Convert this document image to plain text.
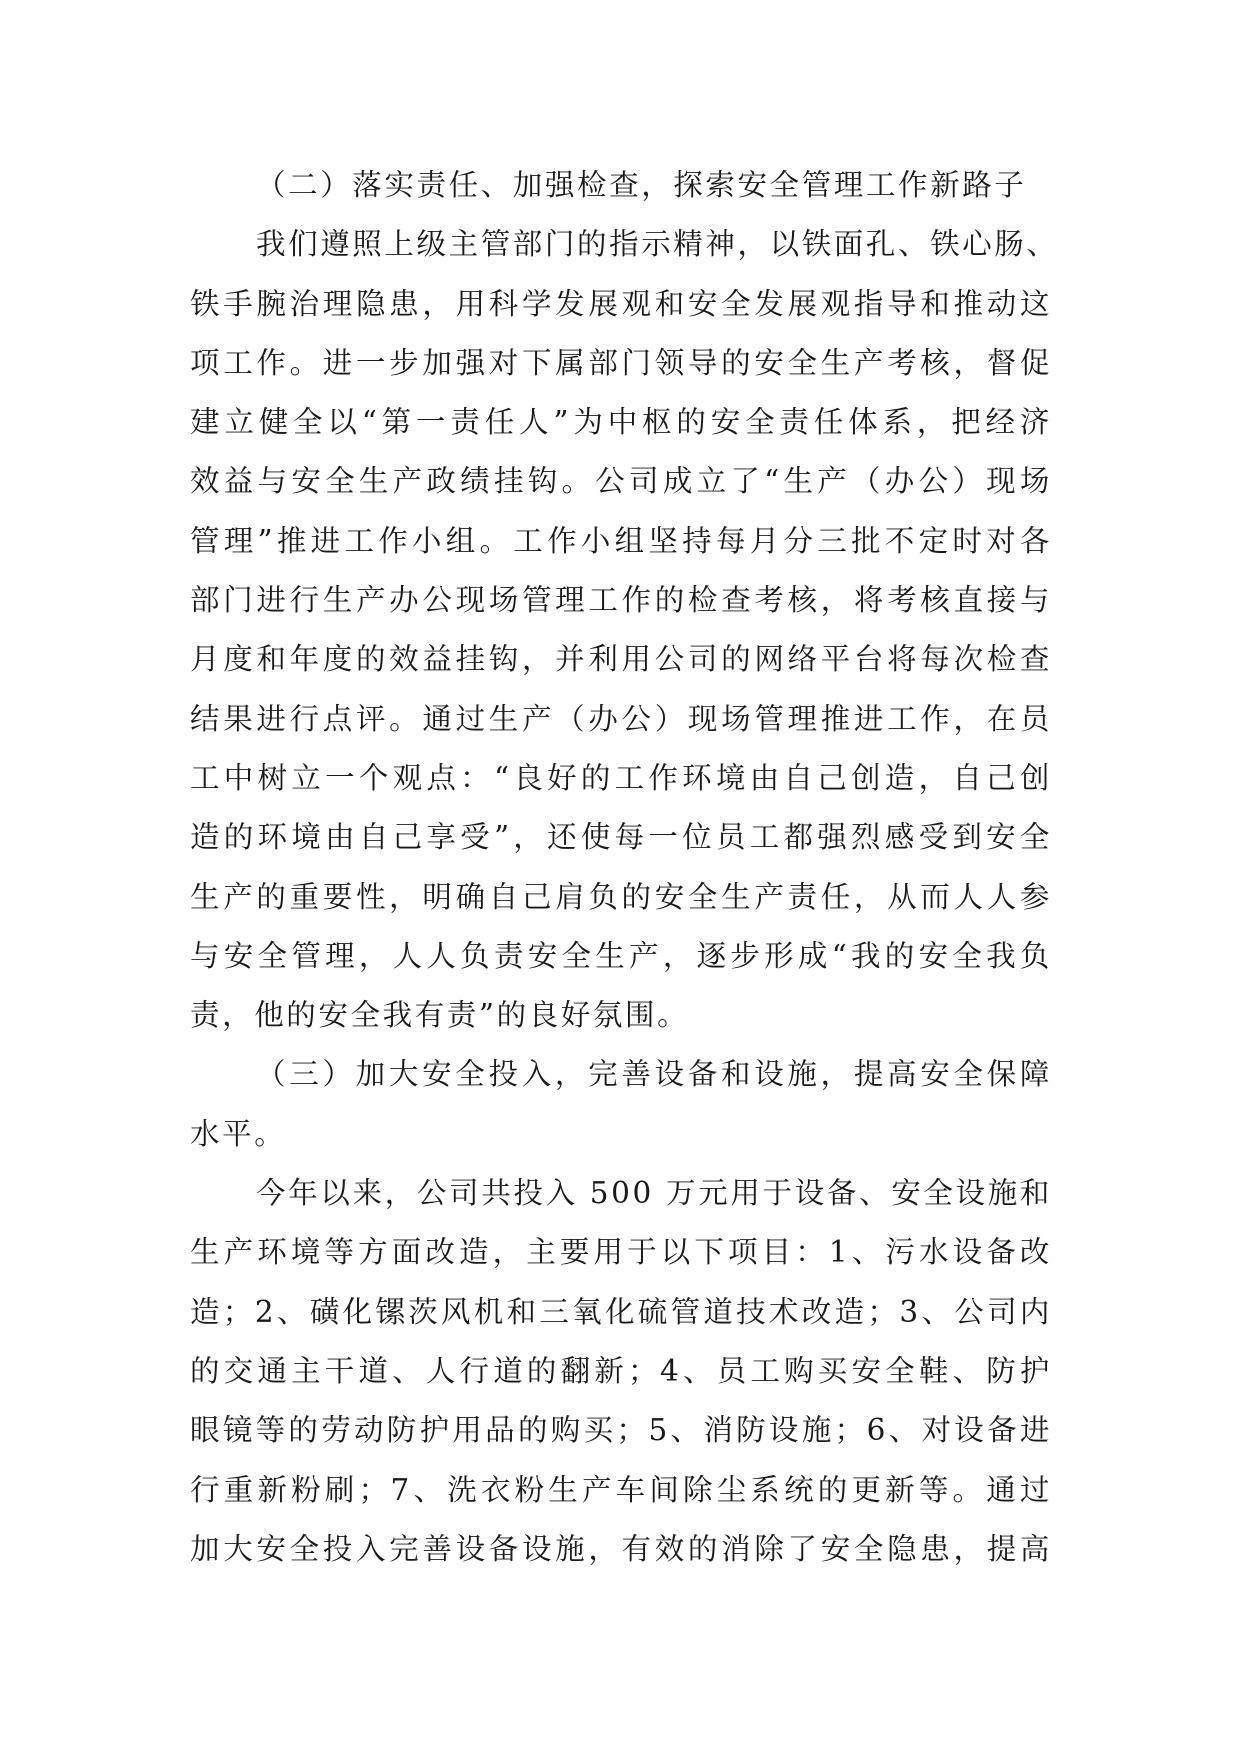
（二）落实责任、加强检查，探索安全管理工作新路子
我们遵照上级主管部门的指示精神，以铁面孔、铁心肠、
铁手腕治理隐患，用科学发展观和安全发展观指导和推动这
项工作。进一步加强对下属部门领导的安全生产考核，督促
建立健全以“第一责任人”为中枢的安全责任体系，把经济
效益与安全生产政绩挂钩。公司成立了“生产（办公）现场
管理”推进工作小组。工作小组坚持每月分三批不定时对各
部门进行生产办公现场管理工作的检查考核，将考核直接与
月度和年度的效益挂钩，并利用公司的网络平台将每次检查
结果进行点评。通过生产（办公）现场管理推进工作，在员
工中树立一个观点：“良好的工作环境由自己创造，自己创
造的环境由自己享受”，还使每一位员工都强烈感受到安全
生产的重要性，明确自己肩负的安全生产责任，从而人人参
与安全管理，人人负责安全生产，逐步形成“我的安全我负
责，他的安全我有责”的良好氛围。
（三）加大安全投入，完善设备和设施，提高安全保障
水平。
今年以来，公司共投入 500 万元用于设备、安全设施和
生产环境等方面改造，主要用于以下项目：1、污水设备改
造；2、磺化镙茨风机和三氧化硫管道技术改造；3、公司内
的交通主干道、人行道的翻新；4、员工购买安全鞋、防护
眼镜等的劳动防护用品的购买；5、消防设施；6、对设备进
行重新粉刷；7、洗衣粉生产车间除尘系统的更新等。通过
加大安全投入完善设备设施，有效的消除了安全隐患，提高
